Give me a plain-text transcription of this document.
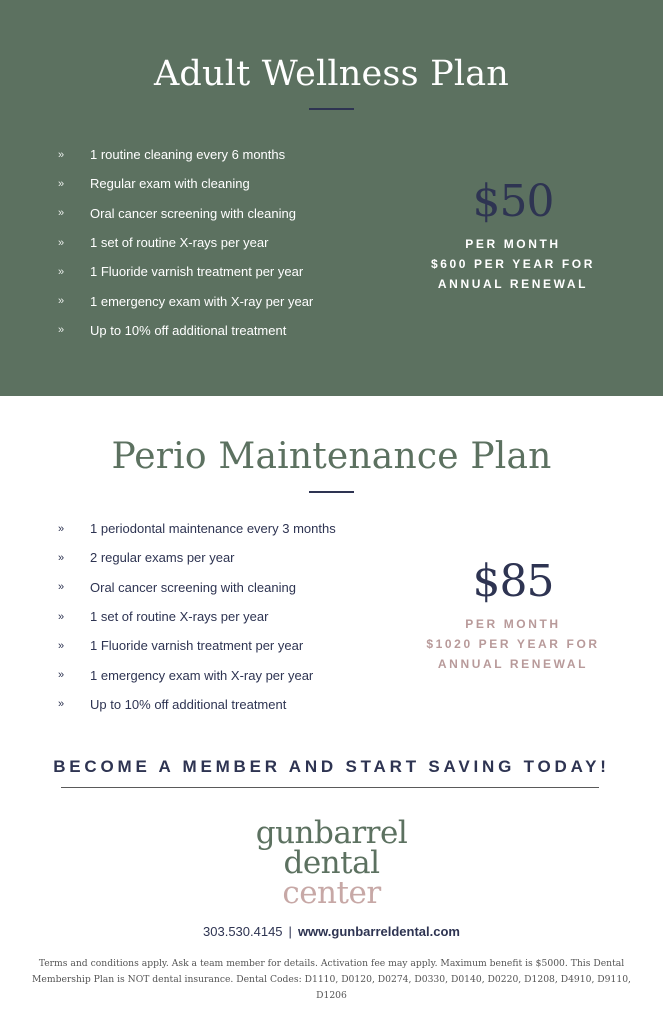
Adult Wellness Plan
»	1 routine cleaning every 6 months
»	Regular exam with cleaning
»	Oral cancer screening with cleaning
»	1 set of routine X-rays per year
»	1 Fluoride varnish treatment per year
»	1 emergency exam with X-ray per year
»	Up to 10% off additional treatment
$50
PER MONTH
$600 PER YEAR FOR
ANNUAL RENEWAL
Perio Maintenance Plan
»	1 periodontal maintenance every 3 months
»	2 regular exams per year
»	Oral cancer screening with cleaning
»	1 set of routine X-rays per year
»	1 Fluoride varnish treatment per year
»	1 emergency exam with X-ray per year
»	Up to 10% off additional treatment
$85
PER MONTH
$1020 PER YEAR FOR
ANNUAL RENEWAL
BECOME A MEMBER AND START SAVING TODAY!
gunbarrel
dental
center
303.530.4145 | www.gunbarreldental.com
Terms and conditions apply. Ask a team member for details. Activation fee may apply. Maximum benefit is $5000. This Dental
Membership Plan is NOT dental insurance. Dental Codes: D1110, D0120, D0274, D0330, D0140, D0220, D1208, D4910, D9110, D1206
